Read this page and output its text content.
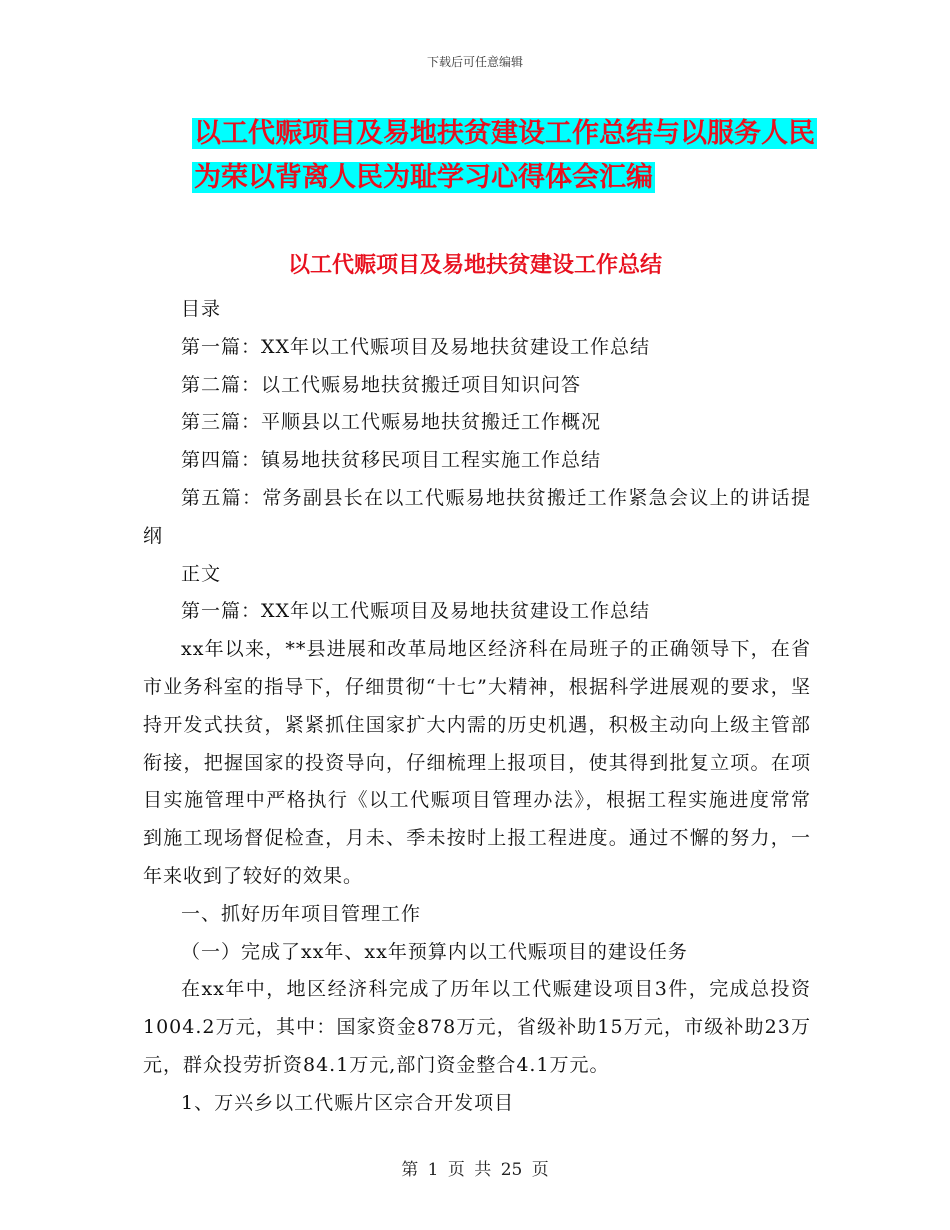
下载后可任意编辑
以工代赈项目及易地扶贫建设工作总结与以服务人民
为荣以背离人民为耻学习心得体会汇编
以工代赈项目及易地扶贫建设工作总结

目录

第一篇：XX年以工代赈项目及易地扶贫建设工作总结

第二篇：以工代赈易地扶贫搬迁项目知识问答

第三篇：平顺县以工代赈易地扶贫搬迁工作概况

第四篇：镇易地扶贫移民项目工程实施工作总结

第五篇：常务副县长在以工代赈易地扶贫搬迁工作紧急会议上的讲话提纲

正文

第一篇：XX年以工代赈项目及易地扶贫建设工作总结

xx年以来，**县进展和改革局地区经济科在局班子的正确领导下，在省市业务科室的指导下，仔细贯彻“十七”大精神，根据科学进展观的要求，坚持开发式扶贫，紧紧抓住国家扩大内需的历史机遇，积极主动向上级主管部衔接，把握国家的投资导向，仔细梳理上报项目，使其得到批复立项。在项目实施管理中严格执行《以工代赈项目管理办法》，根据工程实施进度常常到施工现场督促检查，月未、季未按时上报工程进度。通过不懈的努力，一年来收到了较好的效果。

一、抓好历年项目管理工作

（一）完成了xx年、xx年预算内以工代赈项目的建设任务

在xx年中，地区经济科完成了历年以工代赈建设项目3件，完成总投资1004.2万元，其中：国家资金878万元，省级补助15万元，市级补助23万元，群众投劳折资84.1万元,部门资金整合4.1万元。

1、万兴乡以工代赈片区宗合开发项目

第 1 页 共 25 页
